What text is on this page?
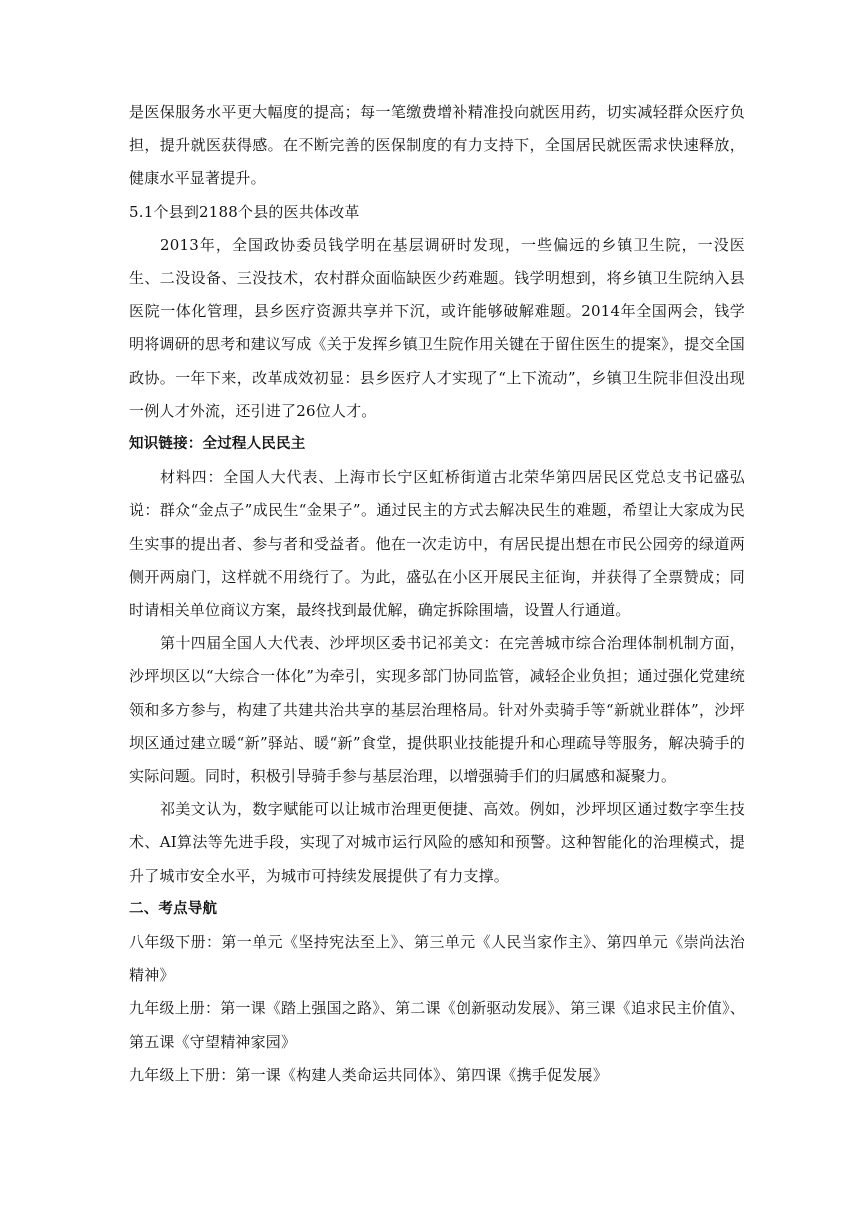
是医保服务水平更大幅度的提高；每一笔缴费增补精准投向就医用药，切实减轻群众医疗负担，提升就医获得感。在不断完善的医保制度的有力支持下，全国居民就医需求快速释放，健康水平显著提升。

5.1个县到2188个县的医共体改革

2013年，全国政协委员钱学明在基层调研时发现，一些偏远的乡镇卫生院，一没医生、二没设备、三没技术，农村群众面临缺医少药难题。钱学明想到，将乡镇卫生院纳入县医院一体化管理，县乡医疗资源共享并下沉，或许能够破解难题。2014年全国两会，钱学明将调研的思考和建议写成《关于发挥乡镇卫生院作用关键在于留住医生的提案》，提交全国政协。一年下来，改革成效初显：县乡医疗人才实现了“上下流动”，乡镇卫生院非但没出现一例人才外流，还引进了26位人才。

知识链接：全过程人民民主

材料四：全国人大代表、上海市长宁区虹桥街道古北荣华第四居民区党总支书记盛弘说：群众“金点子”成民生“金果子”。通过民主的方式去解决民生的难题，希望让大家成为民生实事的提出者、参与者和受益者。他在一次走访中，有居民提出想在市民公园旁的绿道两侧开两扇门，这样就不用绕行了。为此，盛弘在小区开展民主征询，并获得了全票赞成；同时请相关单位商议方案，最终找到最优解，确定拆除围墙，设置人行通道。

第十四届全国人大代表、沙坪坝区委书记祁美文：在完善城市综合治理体制机制方面，沙坪坝区以“大综合一体化”为牵引，实现多部门协同监管，减轻企业负担；通过强化党建统领和多方参与，构建了共建共治共享的基层治理格局。针对外卖骑手等“新就业群体”，沙坪坝区通过建立暖“新”驿站、暖“新”食堂，提供职业技能提升和心理疏导等服务，解决骑手的实际问题。同时，积极引导骑手参与基层治理，以增强骑手们的归属感和凝聚力。

祁美文认为，数字赋能可以让城市治理更便捷、高效。例如，沙坪坝区通过数字孪生技术、AI算法等先进手段，实现了对城市运行风险的感知和预警。这种智能化的治理模式，提升了城市安全水平，为城市可持续发展提供了有力支撑。

二、考点导航

八年级下册：第一单元《坚持宪法至上》、第三单元《人民当家作主》、第四单元《崇尚法治精神》

九年级上册：第一课《踏上强国之路》、第二课《创新驱动发展》、第三课《追求民主价值》、第五课《守望精神家园》

九年级上下册：第一课《构建人类命运共同体》、第四课《携手促发展》
